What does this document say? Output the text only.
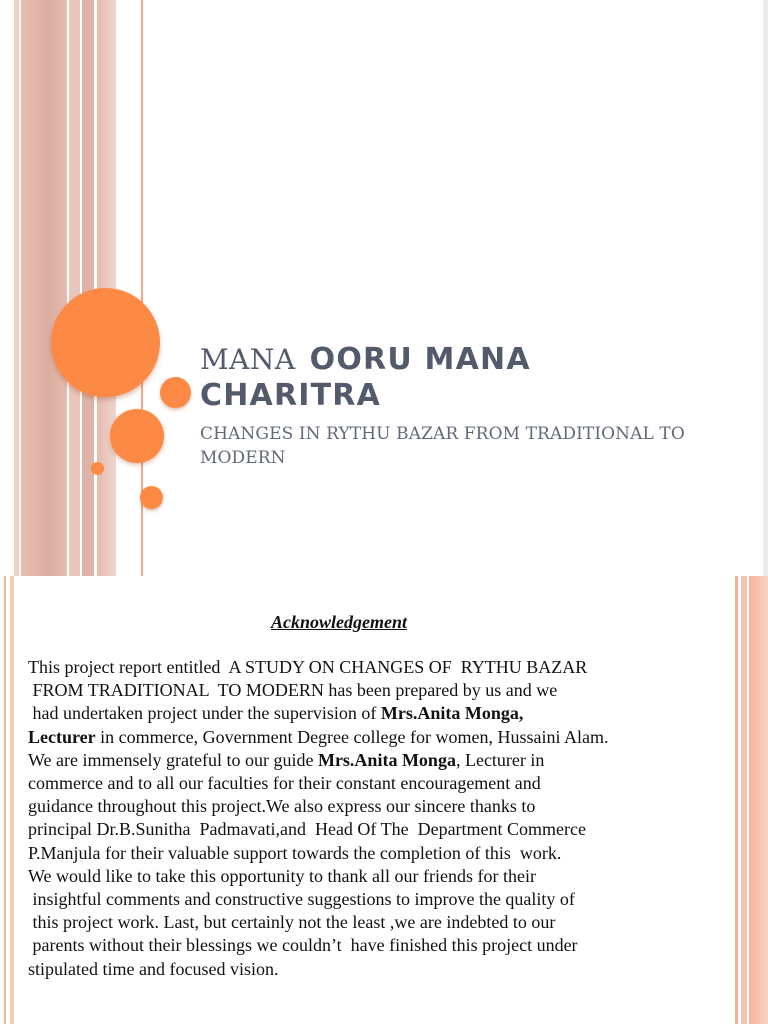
MANA OORU MANA
CHARITRA
CHANGES IN RYTHU BAZAR FROM TRADITIONAL TO
MODERN
Acknowledgement
This project report entitled  A STUDY ON CHANGES OF  RYTHU BAZAR
FROM TRADITIONAL  TO MODERN has been prepared by us and we
had undertaken project under the supervision of Mrs.Anita Monga,
Lecturer in commerce, Government Degree college for women, Hussaini Alam.
We are immensely grateful to our guide Mrs.Anita Monga, Lecturer in
commerce and to all our faculties for their constant encouragement and
guidance throughout this project.We also express our sincere thanks to
principal Dr.B.Sunitha  Padmavati,and  Head Of The  Department Commerce
P.Manjula for their valuable support towards the completion of this  work.
We would like to take this opportunity to thank all our friends for their
insightful comments and constructive suggestions to improve the quality of
this project work. Last, but certainly not the least ,we are indebted to our
parents without their blessings we couldn’t  have finished this project under
stipulated time and focused vision.
